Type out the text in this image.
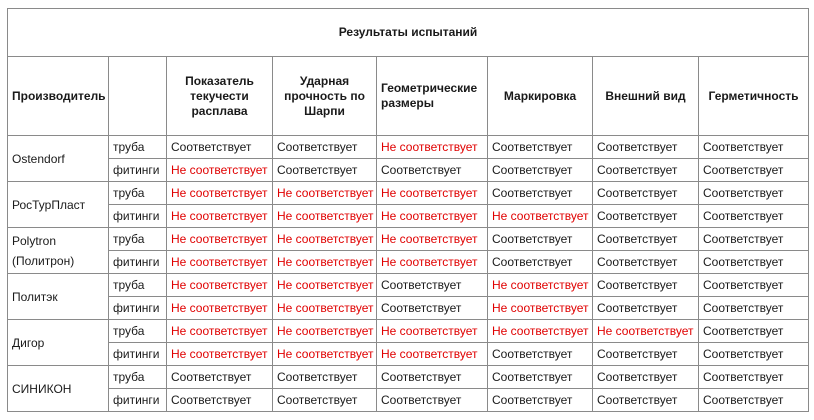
Результаты испытаний							
Производитель		Показатель текучести расплава	Ударная прочность по Шарпи	Геометрические размеры	Маркировка	Внешний вид	Герметичность
Ostendorf	труба	Соответствует	Соответствует	Не соответствует	Соответствует	Соответствует	Соответствует
	фитинги	Не соответствует	Соответствует	Соответствует	Соответствует	Соответствует	Соответствует
РосТурПласт	труба	Не соответствует	Не соответствует	Не соответствует	Соответствует	Соответствует	Соответствует
	фитинги	Не соответствует	Не соответствует	Не соответствует	Не соответствует	Соответствует	Соответствует
Polytron (Политрон)	труба	Не соответствует	Не соответствует	Не соответствует	Соответствует	Соответствует	Соответствует
	фитинги	Не соответствует	Не соответствует	Не соответствует	Соответствует	Соответствует	Соответствует
Политэк	труба	Не соответствует	Не соответствует	Соответствует	Не соответствует	Соответствует	Соответствует
	фитинги	Не соответствует	Не соответствует	Соответствует	Не соответствует	Соответствует	Соответствует
Дигор	труба	Не соответствует	Не соответствует	Не соответствует	Не соответствует	Не соответствует	Соответствует
	фитинги	Не соответствует	Не соответствует	Не соответствует	Соответствует	Соответствует	Соответствует
СИНИКОН	труба	Соответствует	Соответствует	Соответствует	Соответствует	Соответствует	Соответствует
	фитинги	Соответствует	Соответствует	Соответствует	Соответствует	Соответствует	Соответствует
